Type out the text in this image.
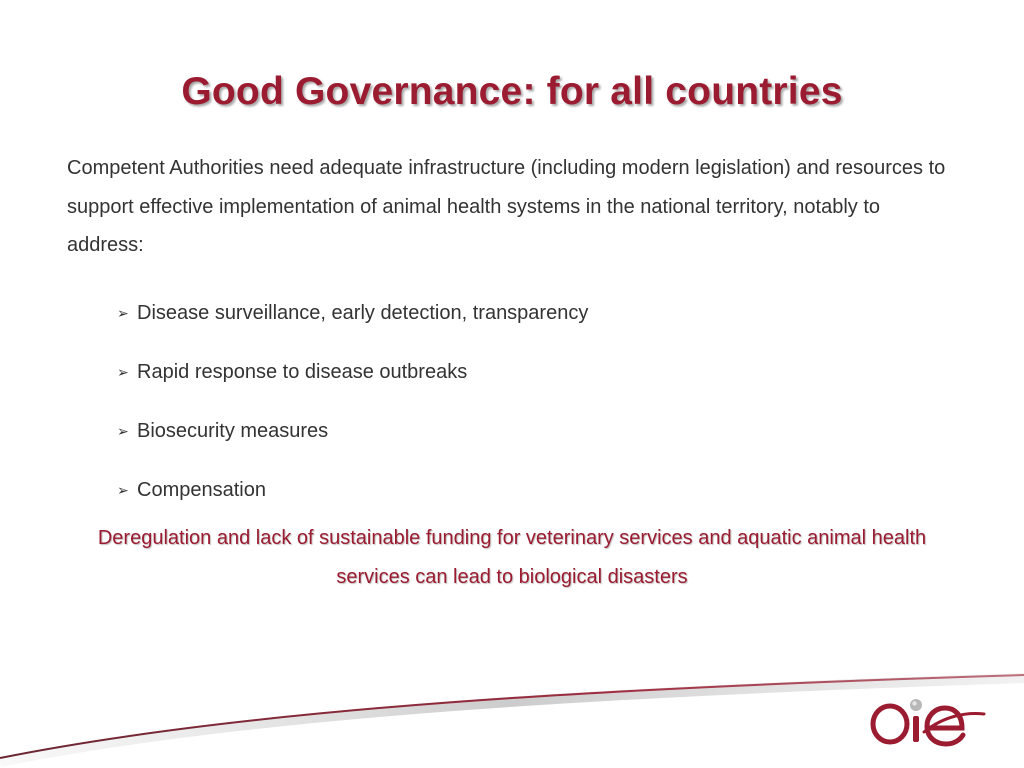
Good Governance: for all countries
Competent Authorities need adequate infrastructure (including modern legislation) and resources to support effective implementation of animal health systems in the national territory, notably to address:
➢ Disease surveillance, early detection, transparency
➢ Rapid response to disease outbreaks
➢ Biosecurity measures
➢ Compensation
Deregulation and lack of sustainable funding for veterinary services and aquatic animal health services can lead to biological disasters
